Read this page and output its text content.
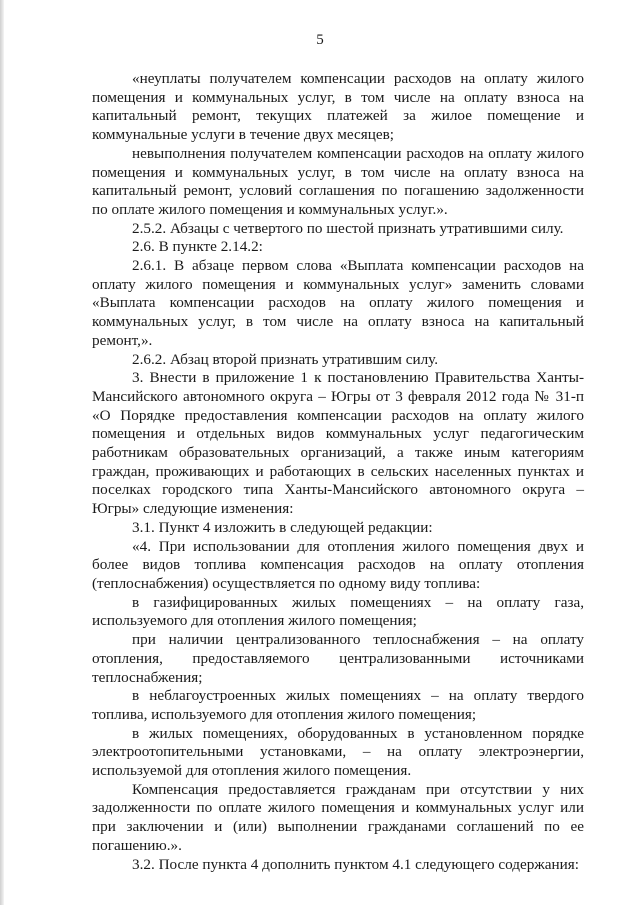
5

«неуплаты получателем компенсации расходов на оплату жилого помещения и коммунальных услуг, в том числе на оплату взноса на капитальный ремонт, текущих платежей за жилое помещение и коммунальные услуги в течение двух месяцев;

невыполнения получателем компенсации расходов на оплату жилого помещения и коммунальных услуг, в том числе на оплату взноса на капитальный ремонт, условий соглашения по погашению задолженности по оплате жилого помещения и коммунальных услуг.».

2.5.2. Абзацы с четвертого по шестой признать утратившими силу.

2.6. В пункте 2.14.2:

2.6.1. В абзаце первом слова «Выплата компенсации расходов на оплату жилого помещения и коммунальных услуг» заменить словами «Выплата компенсации расходов на оплату жилого помещения и коммунальных услуг, в том числе на оплату взноса на капитальный ремонт,».

2.6.2. Абзац второй признать утратившим силу.

3. Внести в приложение 1 к постановлению Правительства Ханты-Мансийского автономного округа – Югры от 3 февраля 2012 года № 31-п «О Порядке предоставления компенсации расходов на оплату жилого помещения и отдельных видов коммунальных услуг педагогическим работникам образовательных организаций, а также иным категориям граждан, проживающих и работающих в сельских населенных пунктах и поселках городского типа Ханты-Мансийского автономного округа – Югры» следующие изменения:

3.1. Пункт 4 изложить в следующей редакции:

«4. При использовании для отопления жилого помещения двух и более видов топлива компенсация расходов на оплату отопления (теплоснабжения) осуществляется по одному виду топлива:

в газифицированных жилых помещениях – на оплату газа, используемого для отопления жилого помещения;

при наличии централизованного теплоснабжения – на оплату отопления, предоставляемого централизованными источниками теплоснабжения;

в неблагоустроенных жилых помещениях – на оплату твердого топлива, используемого для отопления жилого помещения;

в жилых помещениях, оборудованных в установленном порядке электроотопительными установками, – на оплату электроэнергии, используемой для отопления жилого помещения.

Компенсация предоставляется гражданам при отсутствии у них задолженности по оплате жилого помещения и коммунальных услуг или при заключении и (или) выполнении гражданами соглашений по ее погашению.».

3.2. После пункта 4 дополнить пунктом 4.1 следующего содержания:
